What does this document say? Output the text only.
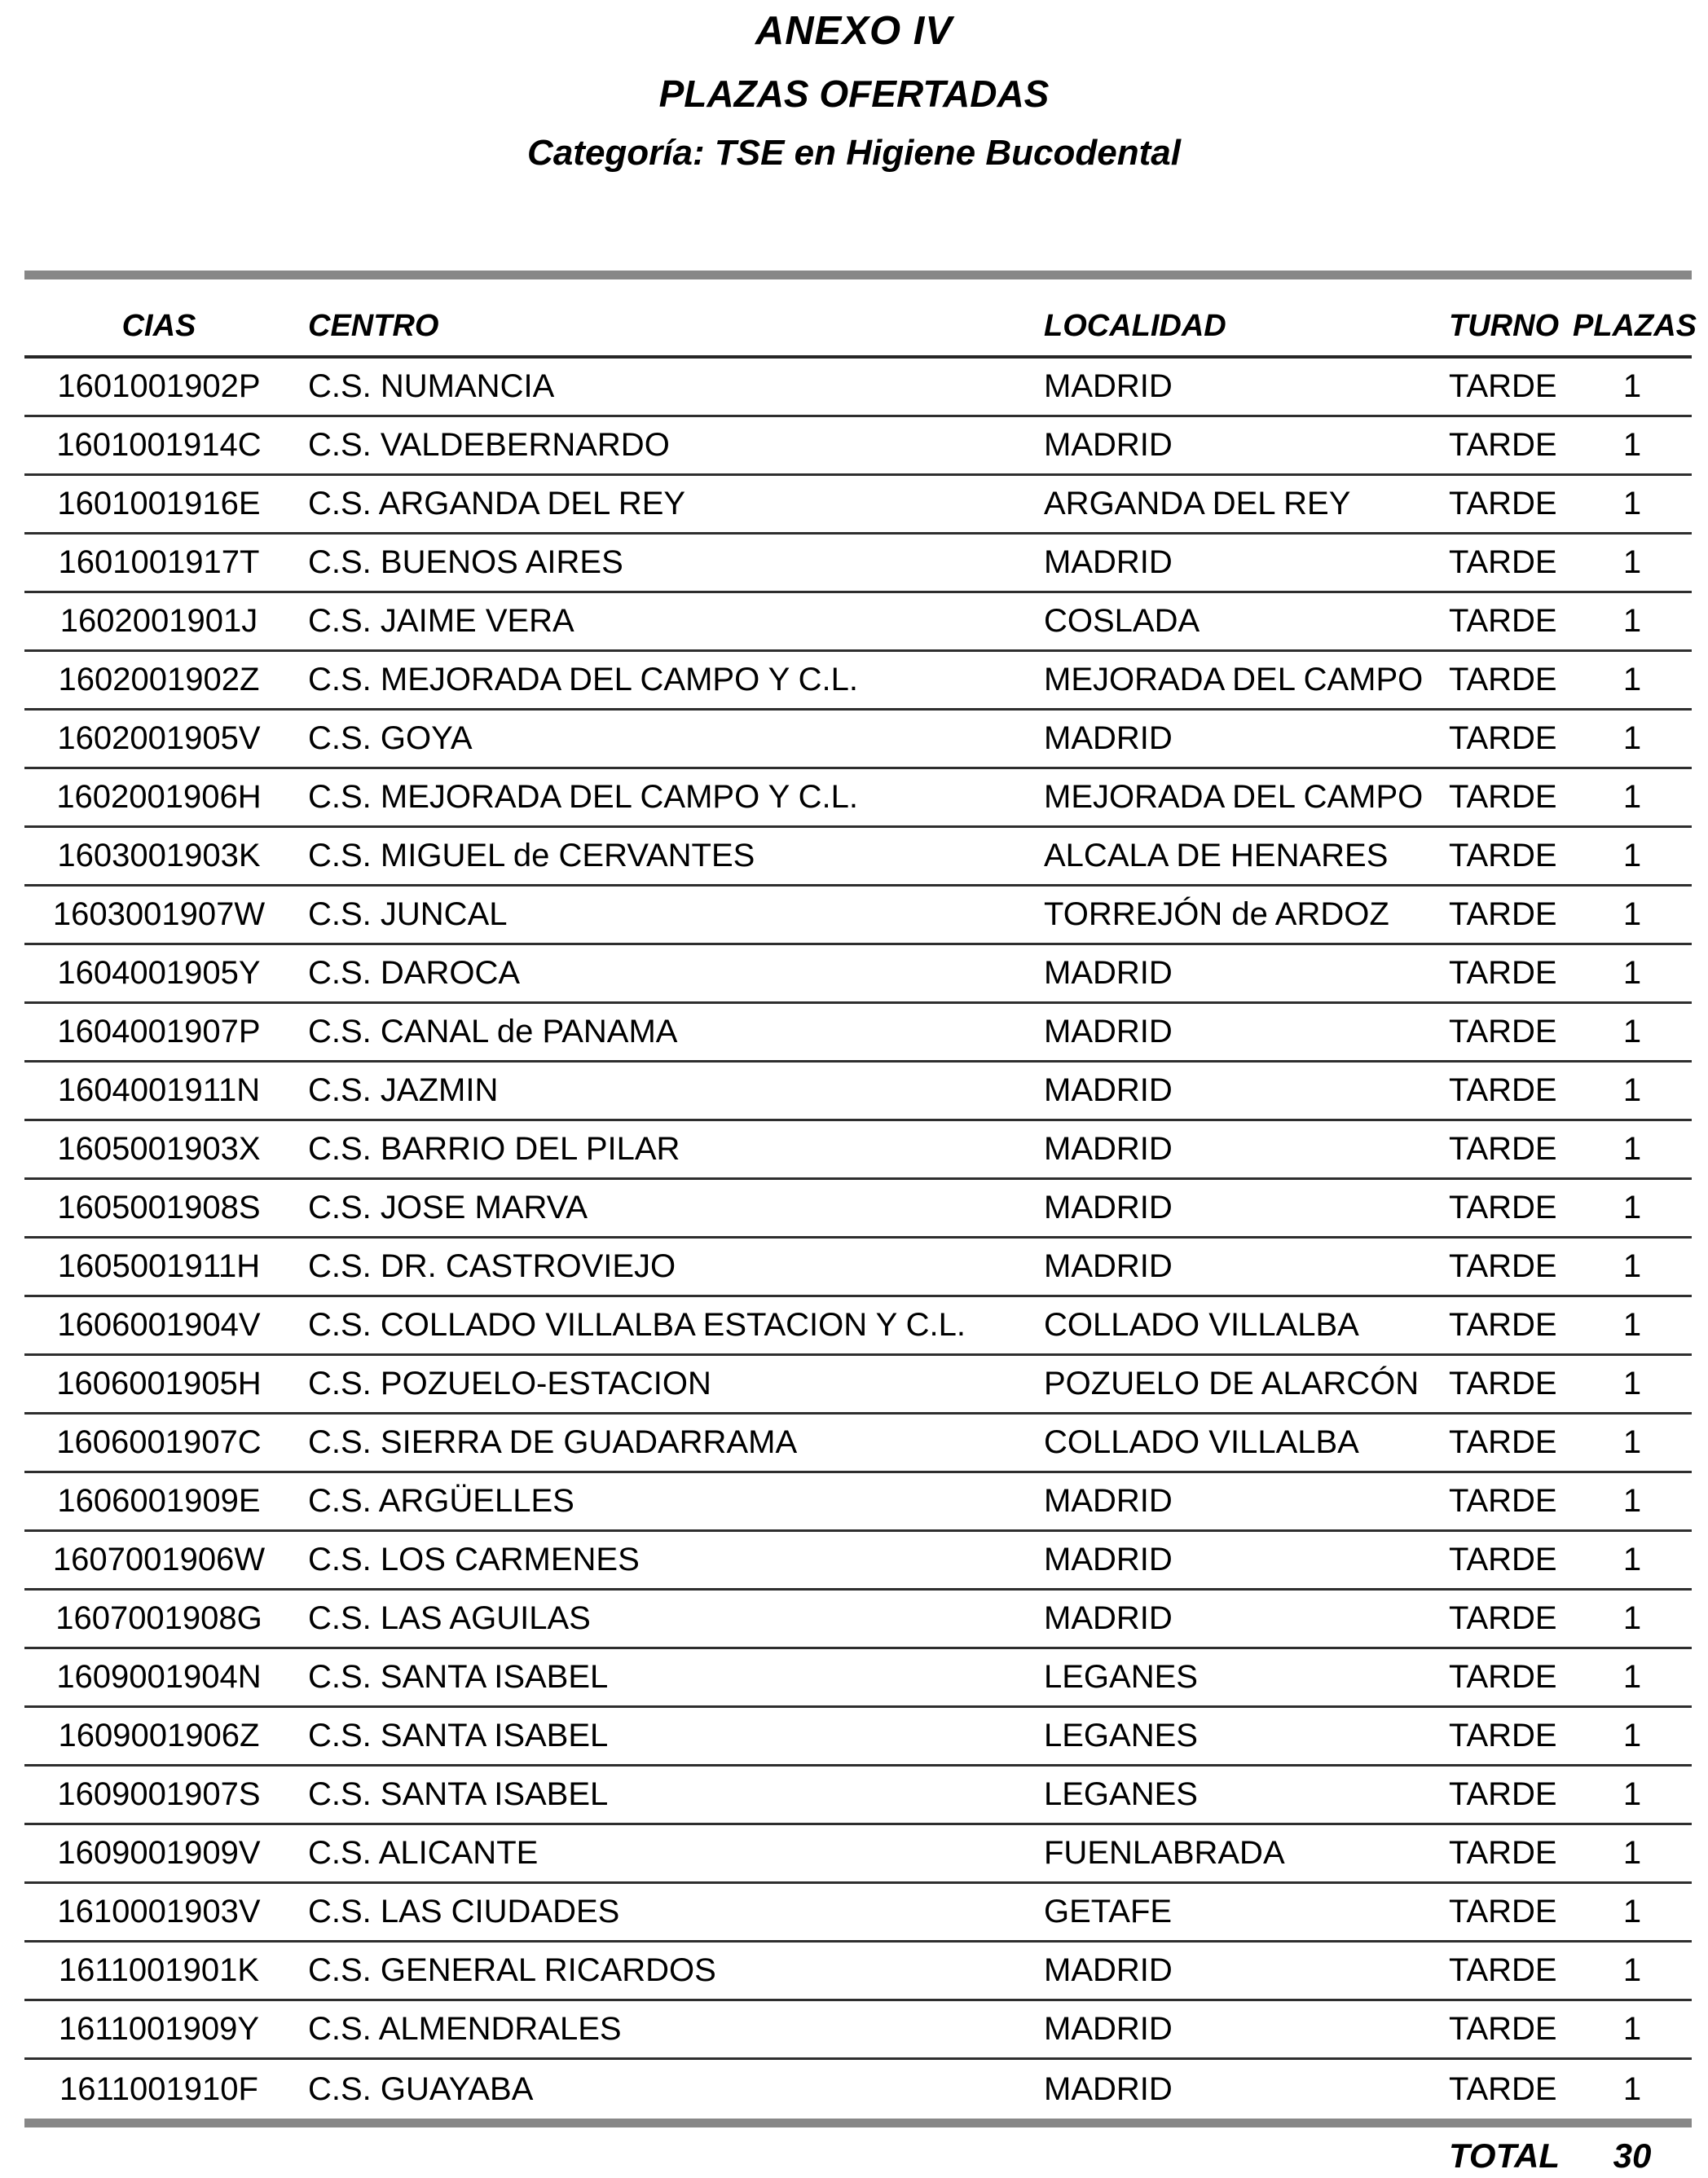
ANEXO IV
PLAZAS OFERTADAS
Categoría: TSE en Higiene Bucodental
CIAS	CENTRO	LOCALIDAD	TURNO PLAZAS
1601001902P	C.S. NUMANCIA	MADRID	TARDE	1
1601001914C	C.S. VALDEBERNARDO	MADRID	TARDE	1
1601001916E	C.S. ARGANDA DEL REY	ARGANDA DEL REY	TARDE	1
1601001917T	C.S. BUENOS AIRES	MADRID	TARDE	1
1602001901J	C.S. JAIME VERA	COSLADA	TARDE	1
1602001902Z	C.S. MEJORADA DEL CAMPO Y C.L.	MEJORADA DEL CAMPO TARDE	1
1602001905V	C.S. GOYA	MADRID	TARDE	1
1602001906H	C.S. MEJORADA DEL CAMPO Y C.L.	MEJORADA DEL CAMPO TARDE	1
1603001903K	C.S. MIGUEL de CERVANTES	ALCALA DE HENARES	TARDE	1
1603001907W	C.S. JUNCAL	TORREJÓN de ARDOZ	TARDE	1
1604001905Y	C.S. DAROCA	MADRID	TARDE	1
1604001907P	C.S. CANAL de PANAMA	MADRID	TARDE	1
1604001911N	C.S. JAZMIN	MADRID	TARDE	1
1605001903X	C.S. BARRIO DEL PILAR	MADRID	TARDE	1
1605001908S	C.S. JOSE MARVA	MADRID	TARDE	1
1605001911H	C.S. DR. CASTROVIEJO	MADRID	TARDE	1
1606001904V	C.S. COLLADO VILLALBA ESTACION Y C.L.	COLLADO VILLALBA	TARDE	1
1606001905H	C.S. POZUELO-ESTACION	POZUELO DE ALARCÓN TARDE	1
1606001907C	C.S. SIERRA DE GUADARRAMA	COLLADO VILLALBA	TARDE	1
1606001909E	C.S. ARGÜELLES	MADRID	TARDE	1
1607001906W	C.S. LOS CARMENES	MADRID	TARDE	1
1607001908G	C.S. LAS AGUILAS	MADRID	TARDE	1
1609001904N	C.S. SANTA ISABEL	LEGANES	TARDE	1
1609001906Z	C.S. SANTA ISABEL	LEGANES	TARDE	1
1609001907S	C.S. SANTA ISABEL	LEGANES	TARDE	1
1609001909V	C.S. ALICANTE	FUENLABRADA	TARDE	1
1610001903V	C.S. LAS CIUDADES	GETAFE	TARDE	1
1611001901K	C.S. GENERAL RICARDOS	MADRID	TARDE	1
1611001909Y	C.S. ALMENDRALES	MADRID	TARDE	1
1611001910F	C.S. GUAYABA	MADRID	TARDE	1
TOTAL	30
